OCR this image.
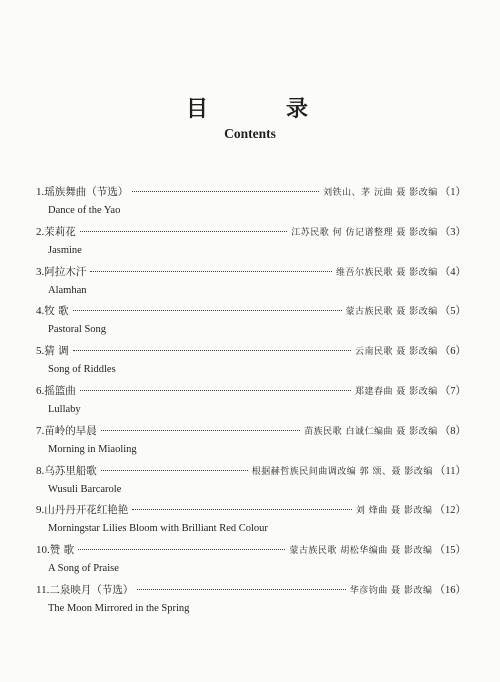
目	录
Contents
1. 瑶族舞曲（节选）	刘铁山、茅 沅曲 聂 影改编 （1）
Dance of the Yao
2. 茉莉花	江苏民歌 何 仿记谱整理 聂 影改编 （3）
Jasmine
3. 阿拉木汗	维吾尔族民歌 聂 影改编 （4）
Alamhan
4. 牧 歌	蒙古族民歌 聂 影改编 （5）
Pastoral Song
5. 猜 调	云南民歌 聂 影改编 （6）
Song of Riddles
6. 摇篮曲	郑建春曲 聂 影改编 （7）
Lullaby
7. 苗岭的早晨	苗族民歌 白诚仁编曲 聂 影改编 （8）
Morning in Miaoling
8. 乌苏里船歌	根据赫哲族民间曲调改编 郭 颂、聂 影改编 （11）
Wusuli Barcarole
9. 山丹丹开花红艳艳	刘 烽曲 聂 影改编 （12）
Morningstar Lilies Bloom with Brilliant Red Colour
10. 赞 歌	蒙古族民歌 胡松华编曲 聂 影改编 （15）
A Song of Praise
11. 二泉映月（节选）	华彦钧曲 聂 影改编 （16）
The Moon Mirrored in the Spring
